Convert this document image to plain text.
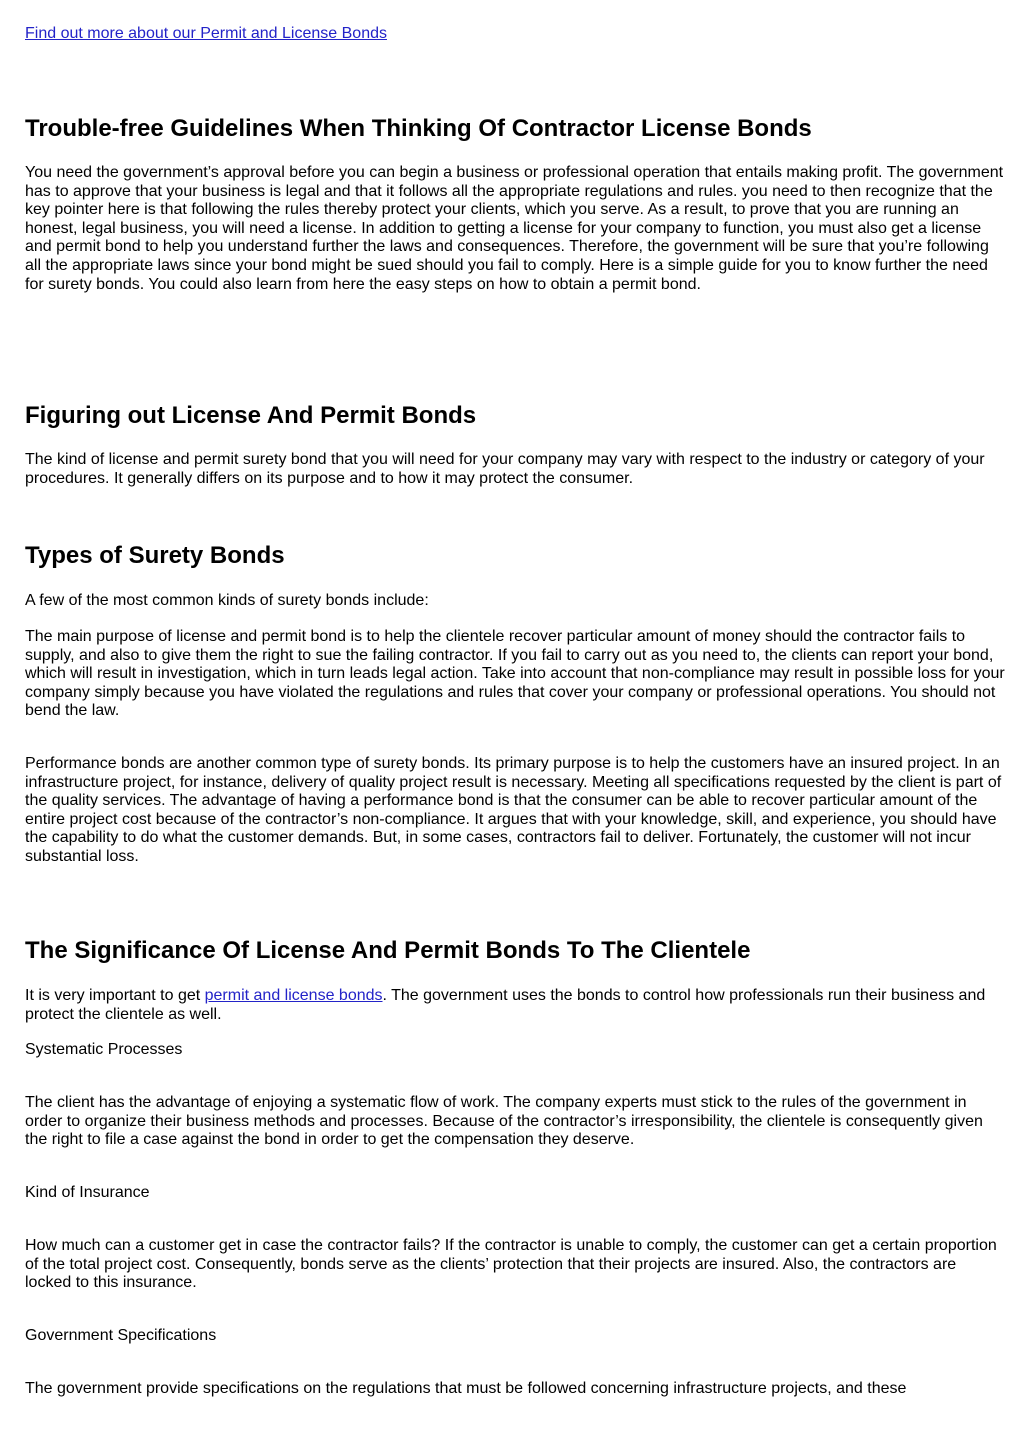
Find out more about our Permit and License Bonds
Trouble-free Guidelines When Thinking Of Contractor License Bonds

You need the government’s approval before you can begin a business or professional operation that entails making profit. The government has to approve that your business is legal and that it follows all the appropriate regulations and rules. you need to then recognize that the key pointer here is that following the rules thereby protect your clients, which you serve. As a result, to prove that you are running an honest, legal business, you will need a license. In addition to getting a license for your company to function, you must also get a license and permit bond to help you understand further the laws and consequences. Therefore, the government will be sure that you’re following all the appropriate laws since your bond might be sued should you fail to comply. Here is a simple guide for you to know further the need for surety bonds. You could also learn from here the easy steps on how to obtain a permit bond.

Figuring out License And Permit Bonds

The kind of license and permit surety bond that you will need for your company may vary with respect to the industry or category of your procedures. It generally differs on its purpose and to how it may protect the consumer.

Types of Surety Bonds

A few of the most common kinds of surety bonds include:

The main purpose of license and permit bond is to help the clientele recover particular amount of money should the contractor fails to supply, and also to give them the right to sue the failing contractor. If you fail to carry out as you need to, the clients can report your bond, which will result in investigation, which in turn leads legal action. Take into account that non-compliance may result in possible loss for your company simply because you have violated the regulations and rules that cover your company or professional operations. You should not bend the law.

Performance bonds are another common type of surety bonds. Its primary purpose is to help the customers have an insured project. In an infrastructure project, for instance, delivery of quality project result is necessary. Meeting all specifications requested by the client is part of the quality services. The advantage of having a performance bond is that the consumer can be able to recover particular amount of the entire project cost because of the contractor’s non-compliance. It argues that with your knowledge, skill, and experience, you should have the capability to do what the customer demands. But, in some cases, contractors fail to deliver. Fortunately, the customer will not incur substantial loss.

The Significance Of License And Permit Bonds To The Clientele

It is very important to get permit and license bonds. The government uses the bonds to control how professionals run their business and protect the clientele as well.

Systematic Processes

The client has the advantage of enjoying a systematic flow of work. The company experts must stick to the rules of the government in order to organize their business methods and processes. Because of the contractor’s irresponsibility, the clientele is consequently given the right to file a case against the bond in order to get the compensation they deserve.

Kind of Insurance

How much can a customer get in case the contractor fails? If the contractor is unable to comply, the customer can get a certain proportion of the total project cost. Consequently, bonds serve as the clients’ protection that their projects are insured. Also, the contractors are locked to this insurance.

Government Specifications

The government provide specifications on the regulations that must be followed concerning infrastructure projects, and these
